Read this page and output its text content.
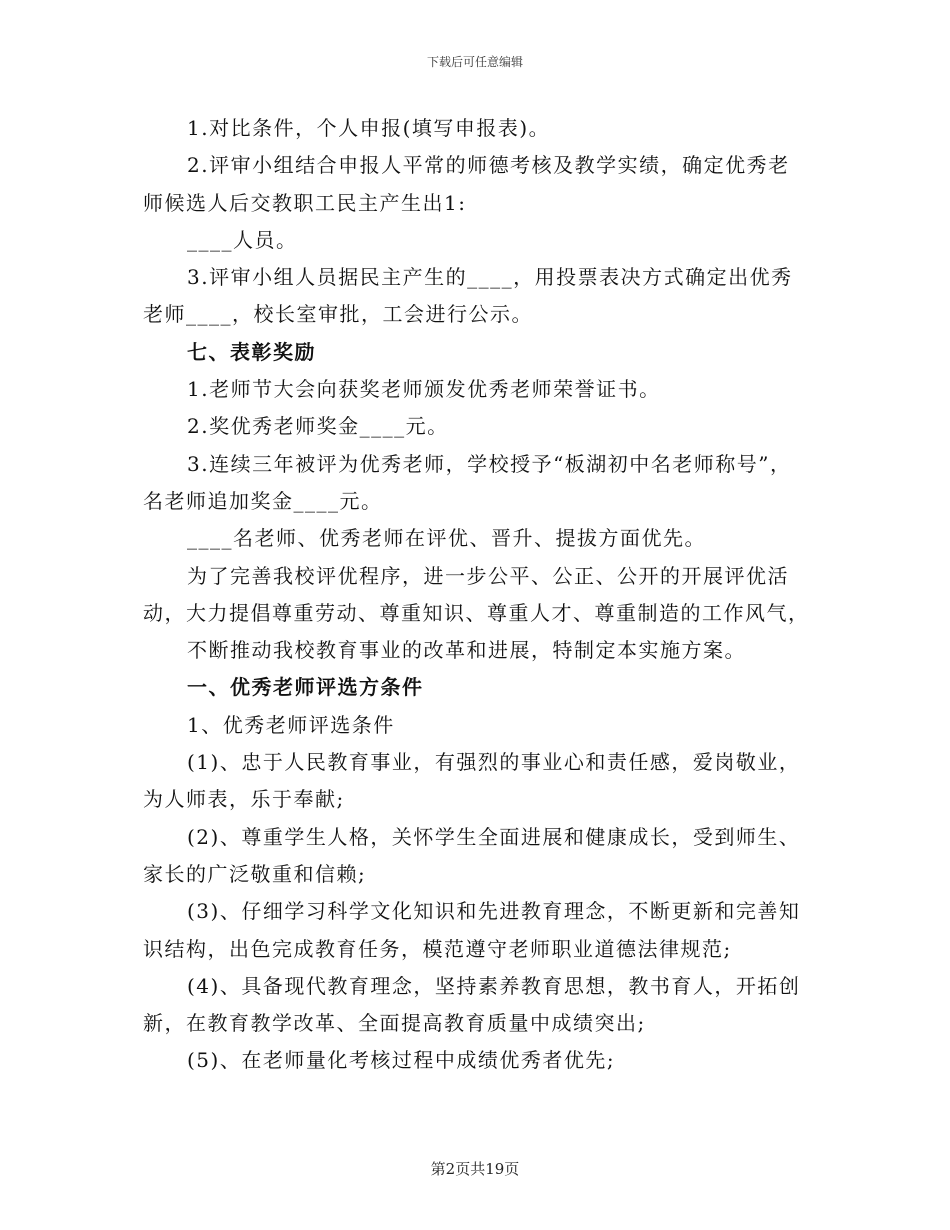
下载后可任意编辑
1.对比条件，个人申报(填写申报表)。
2.评审小组结合申报人平常的师德考核及教学实绩，确定优秀老
师候选人后交教职工民主产生出1:
____人员。
3.评审小组人员据民主产生的____，用投票表决方式确定出优秀
老师____，校长室审批，工会进行公示。
七、表彰奖励
1.老师节大会向获奖老师颁发优秀老师荣誉证书。
2.奖优秀老师奖金____元。
3.连续三年被评为优秀老师，学校授予“板湖初中名老师称号”，
名老师追加奖金____元。
____名老师、优秀老师在评优、晋升、提拔方面优先。
为了完善我校评优程序，进一步公平、公正、公开的开展评优活
动，大力提倡尊重劳动、尊重知识、尊重人才、尊重制造的工作风气，
不断推动我校教育事业的改革和进展，特制定本实施方案。
一、优秀老师评选方条件
1、优秀老师评选条件
(1)、忠于人民教育事业，有强烈的事业心和责任感，爱岗敬业，
为人师表，乐于奉献;
(2)、尊重学生人格，关怀学生全面进展和健康成长，受到师生、
家长的广泛敬重和信赖;
(3)、仔细学习科学文化知识和先进教育理念，不断更新和完善知
识结构，出色完成教育任务，模范遵守老师职业道德法律规范;
(4)、具备现代教育理念，坚持素养教育思想，教书育人，开拓创
新，在教育教学改革、全面提高教育质量中成绩突出;
(5)、在老师量化考核过程中成绩优秀者优先;
第2页共19页
